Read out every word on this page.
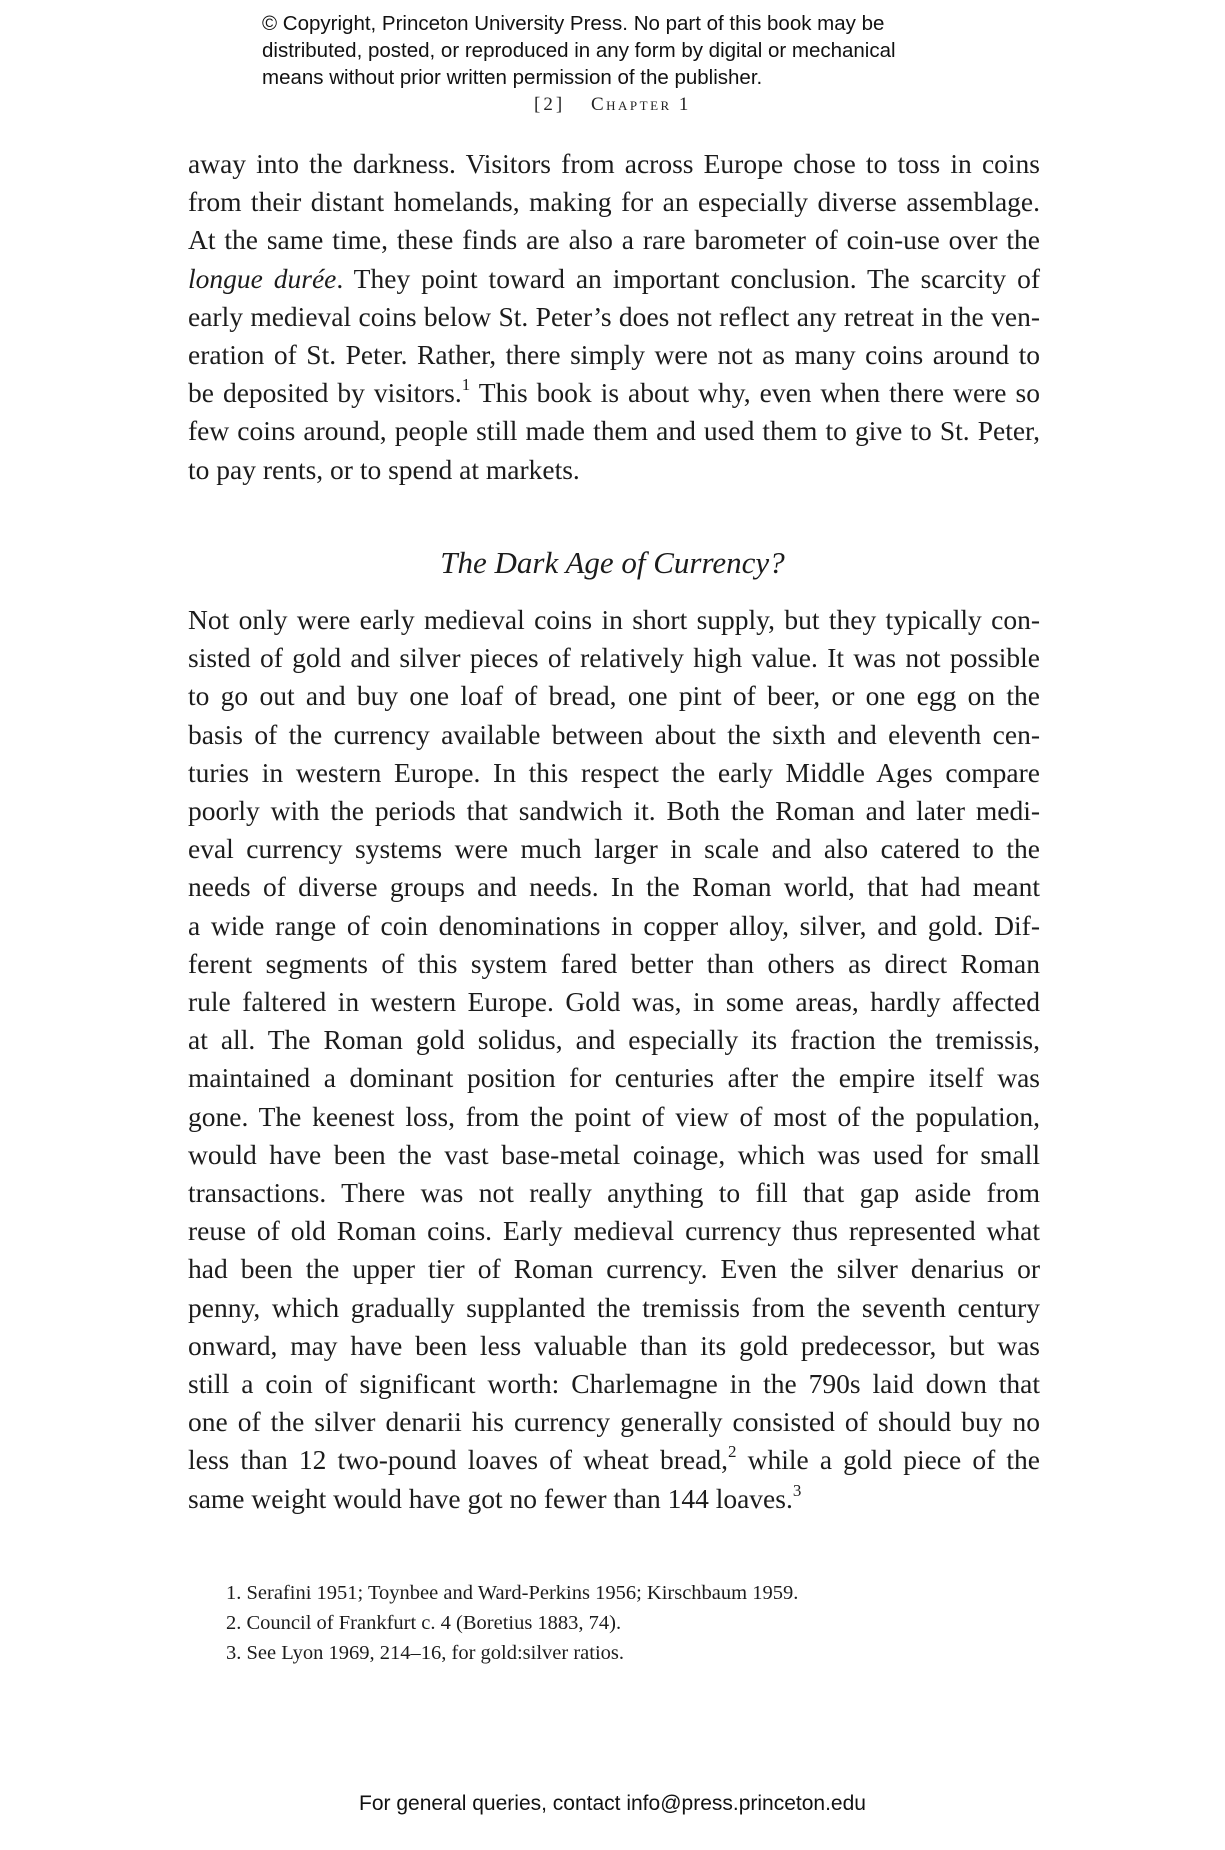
© Copyright, Princeton University Press. No part of this book may be
distributed, posted, or reproduced in any form by digital or mechanical
means without prior written permission of the publisher.
[2] Chapter 1

away into the darkness. Visitors from across Europe chose to toss in coins
from their distant homelands, making for an especially diverse assemblage.
At the same time, these finds are also a rare barometer of coin-use over the
longue durée. They point toward an important conclusion. The scarcity of
early medieval coins below St. Peter’s does not reflect any retreat in the ven-
eration of St. Peter. Rather, there simply were not as many coins around to
be deposited by visitors.$^1$ This book is about why, even when there were so
few coins around, people still made them and used them to give to St. Peter,
to pay rents, or to spend at markets.

The Dark Age of Currency?

Not only were early medieval coins in short supply, but they typically con-
sisted of gold and silver pieces of relatively high value. It was not possible
to go out and buy one loaf of bread, one pint of beer, or one egg on the
basis of the currency available between about the sixth and eleventh cen-
turies in western Europe. In this respect the early Middle Ages compare
poorly with the periods that sandwich it. Both the Roman and later medi-
eval currency systems were much larger in scale and also catered to the
needs of diverse groups and needs. In the Roman world, that had meant
a wide range of coin denominations in copper alloy, silver, and gold. Dif-
ferent segments of this system fared better than others as direct Roman
rule faltered in western Europe. Gold was, in some areas, hardly affected
at all. The Roman gold solidus, and especially its fraction the tremissis,
maintained a dominant position for centuries after the empire itself was
gone. The keenest loss, from the point of view of most of the population,
would have been the vast base-metal coinage, which was used for small
transactions. There was not really anything to fill that gap aside from
reuse of old Roman coins. Early medieval currency thus represented what
had been the upper tier of Roman currency. Even the silver denarius or
penny, which gradually supplanted the tremissis from the seventh century
onward, may have been less valuable than its gold predecessor, but was
still a coin of significant worth: Charlemagne in the 790s laid down that
one of the silver denarii his currency generally consisted of should buy no
less than 12 two-pound loaves of wheat bread,$^2$ while a gold piece of the
same weight would have got no fewer than 144 loaves.$^3$

1. Serafini 1951; Toynbee and Ward-Perkins 1956; Kirschbaum 1959.
2. Council of Frankfurt c. 4 (Boretius 1883, 74).
3. See Lyon 1969, 214–16, for gold:silver ratios.
For general queries, contact info@press.princeton.edu
